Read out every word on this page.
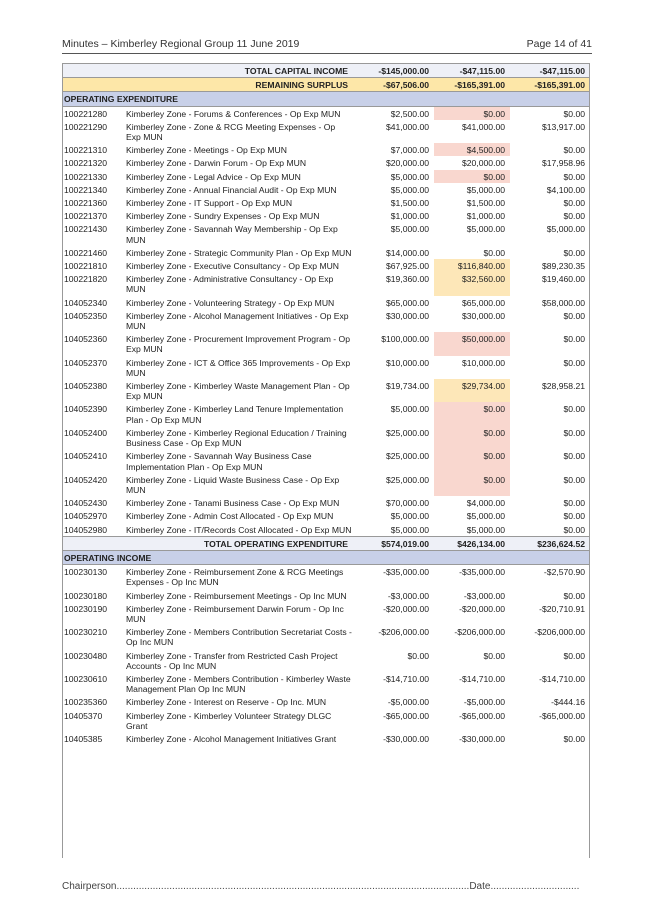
Minutes – Kimberley Regional Group 11 June 2019	Page 14 of 41
TOTAL CAPITAL INCOME		-$145,000.00	-$47,115.00	-$47,115.00
REMAINING SURPLUS		-$67,506.00	-$165,391.00	-$165,391.00
OPERATING EXPENDITURE				
100221280	Kimberley Zone - Forums & Conferences - Op Exp MUN	$2,500.00	$0.00	$0.00
100221290	Kimberley Zone - Zone & RCG Meeting Expenses - Op Exp MUN	$41,000.00	$41,000.00	$13,917.00
100221310	Kimberley Zone - Meetings - Op Exp MUN	$7,000.00	$4,500.00	$0.00
100221320	Kimberley Zone - Darwin Forum - Op Exp MUN	$20,000.00	$20,000.00	$17,958.96
100221330	Kimberley Zone - Legal Advice - Op Exp MUN	$5,000.00	$0.00	$0.00
100221340	Kimberley Zone - Annual Financial Audit - Op Exp MUN	$5,000.00	$5,000.00	$4,100.00
100221360	Kimberley Zone - IT Support - Op Exp MUN	$1,500.00	$1,500.00	$0.00
100221370	Kimberley Zone - Sundry Expenses - Op Exp MUN	$1,000.00	$1,000.00	$0.00
100221430	Kimberley Zone - Savannah Way Membership - Op Exp MUN	$5,000.00	$5,000.00	$5,000.00
100221460	Kimberley Zone - Strategic Community Plan - Op Exp MUN	$14,000.00	$0.00	$0.00
100221810	Kimberley Zone - Executive Consultancy - Op Exp MUN	$67,925.00	$116,840.00	$89,230.35
100221820	Kimberley Zone - Administrative Consultancy - Op Exp MUN	$19,360.00	$32,560.00	$19,460.00
104052340	Kimberley Zone - Volunteering Strategy - Op Exp MUN	$65,000.00	$65,000.00	$58,000.00
104052350	Kimberley Zone - Alcohol Management Initiatives - Op Exp MUN	$30,000.00	$30,000.00	$0.00
104052360	Kimberley Zone - Procurement Improvement Program - Op Exp MUN	$100,000.00	$50,000.00	$0.00
104052370	Kimberley Zone - ICT & Office 365 Improvements - Op Exp MUN	$10,000.00	$10,000.00	$0.00
104052380	Kimberley Zone - Kimberley Waste Management Plan - Op Exp MUN	$19,734.00	$29,734.00	$28,958.21
104052390	Kimberley Zone - Kimberley Land Tenure Implementation Plan - Op Exp MUN	$5,000.00	$0.00	$0.00
104052400	Kimberley Zone - Kimberley Regional Education / Training Business Case - Op Exp MUN	$25,000.00	$0.00	$0.00
104052410	Kimberley Zone - Savannah Way Business Case Implementation Plan - Op Exp MUN	$25,000.00	$0.00	$0.00
104052420	Kimberley Zone - Liquid Waste Business Case - Op Exp MUN	$25,000.00	$0.00	$0.00
104052430	Kimberley Zone - Tanami Business Case - Op Exp MUN	$70,000.00	$4,000.00	$0.00
104052970	Kimberley Zone - Admin Cost Allocated - Op Exp MUN	$5,000.00	$5,000.00	$0.00
104052980	Kimberley Zone - IT/Records Cost Allocated - Op Exp MUN	$5,000.00	$5,000.00	$0.00
TOTAL OPERATING EXPENDITURE		$574,019.00	$426,134.00	$236,624.52
OPERATING INCOME				
100230130	Kimberley Zone - Reimbursement Zone & RCG Meetings Expenses - Op Inc MUN	-$35,000.00	-$35,000.00	-$2,570.90
100230180	Kimberley Zone - Reimbursement Meetings - Op Inc MUN	-$3,000.00	-$3,000.00	$0.00
100230190	Kimberley Zone - Reimbursement Darwin Forum - Op Inc MUN	-$20,000.00	-$20,000.00	-$20,710.91
100230210	Kimberley Zone - Members Contribution Secretariat Costs - Op Inc MUN	-$206,000.00	-$206,000.00	-$206,000.00
100230480	Kimberley Zone - Transfer from Restricted Cash Project Accounts - Op Inc MUN	$0.00	$0.00	$0.00
100230610	Kimberley Zone - Members Contribution - Kimberley Waste Management Plan Op Inc MUN	-$14,710.00	-$14,710.00	-$14,710.00
100235360	Kimberley Zone - Interest on Reserve - Op Inc. MUN	-$5,000.00	-$5,000.00	-$444.16
10405370	Kimberley Zone - Kimberley Volunteer Strategy DLGC Grant	-$65,000.00	-$65,000.00	-$65,000.00
10405385	Kimberley Zone - Alcohol Management Initiatives Grant	-$30,000.00	-$30,000.00	$0.00
Chairperson...............................................................................................................................Date................................
